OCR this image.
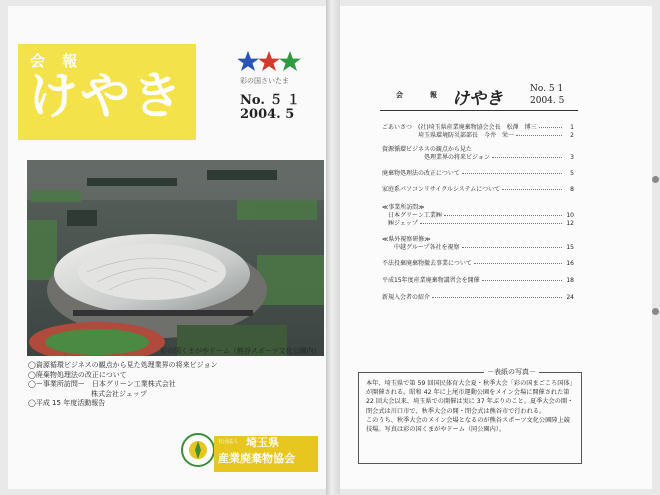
会 報
けやき	彩の国さいたま
No. ５ １
2004. 5
彩の国くまがやドーム（熊谷スポーツ文化公園内）
◯資源循環ビジネスの観点から見た処理業界の将来ビジョン
◯廃棄物処理法の改正について
◯ー事業所訪問ー　日本グリーン工業株式会社
　　　　　　　　　株式会社ジェップ
◯平成 15 年度活動報告
社団法人 埼玉県
産業廃棄物協会
会　報 けやき	No. 5 1
2004. 5
ごあいさつ　(社)埼玉県産業廃棄物協会会長　松澤　博三	1
　　　　　　埼玉県環境防災部部長　今井　栄一	2
資源循環ビジネスの観点から見た
　　　　　　　処理業界の将来ビジョン	3
廃棄物処理法の改正について	5
家庭系パソコンリサイクルシステムについて	8
≪事業所訪問≫
　日本グリーン工業㈱	10
　㈱ジェップ	12
≪県外視察研修≫
　　中越グループ各社を視察	15
不法投棄廃棄物撤去事業について	16
平成15年度産業廃棄物講習会を開催	18
新規入会者の紹介	24
－表紙の写真－
本年、埼玉県で第 59 回国民体育大会夏・秋季大会「彩の国まごころ国体」
が開催される。昭和 42 年に上尾市運動公園をメイン会場に開催された第
22 回大会以来、埼玉県での開催は実に 37 年ぶりのこと。夏季大会の開・
閉会式は川口市で、秋季大会の開・閉会式は熊谷市で行われる。
このうち、秋季大会のメイン会場となるのが熊谷スポーツ文化公園陸上競
技場。写真は彩の国くまがやドーム（同公園内）。
